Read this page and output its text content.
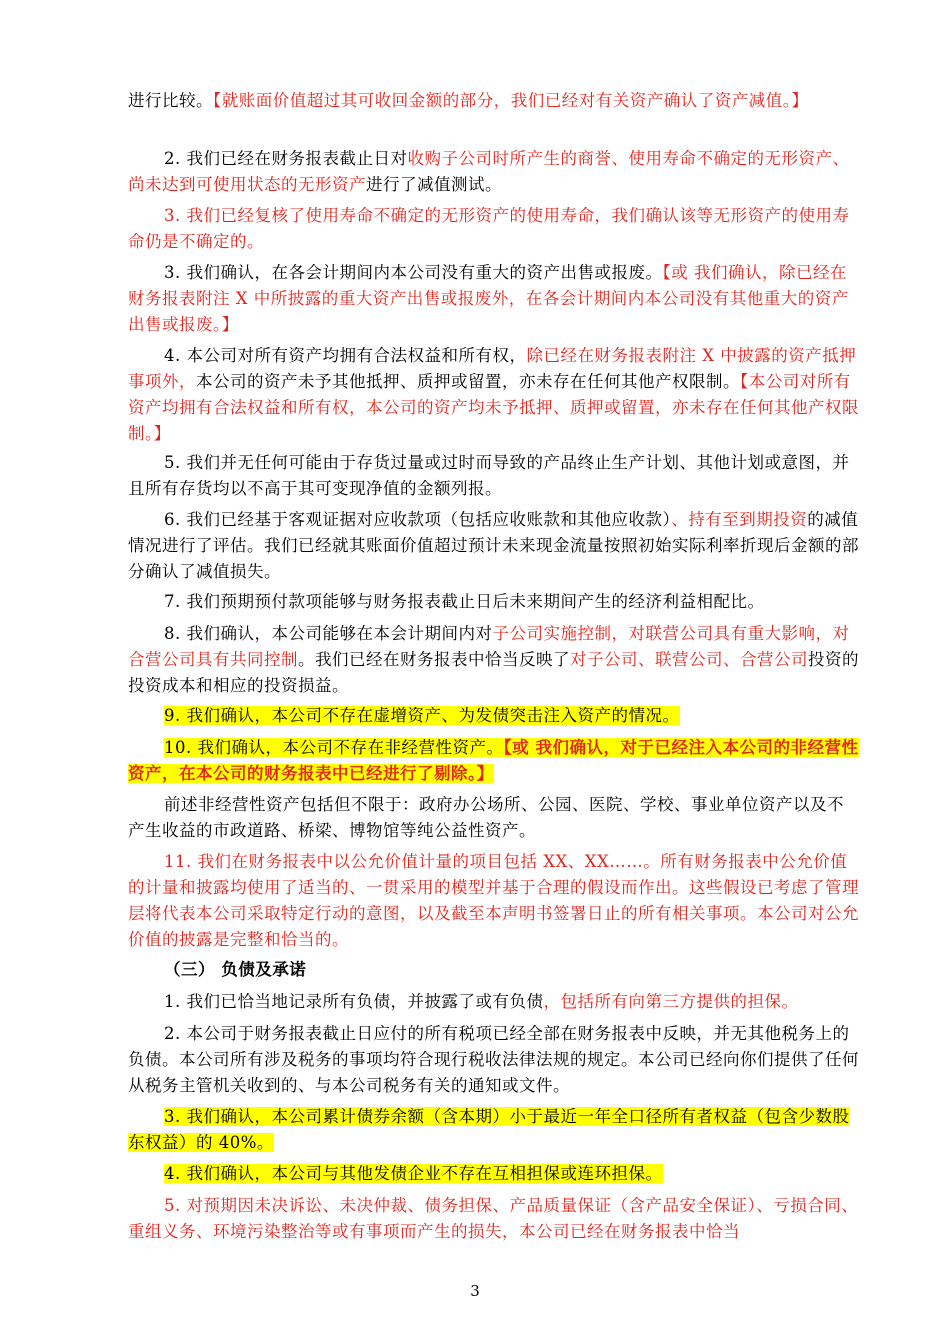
进行比较。【就账面价值超过其可收回金额的部分，我们已经对有关资产确认了资产减值。】
2. 我们已经在财务报表截止日对收购子公司时所产生的商誉、使用寿命不确定的无形资产、尚未达到可使用状态的无形资产进行了减值测试。
3. 我们已经复核了使用寿命不确定的无形资产的使用寿命，我们确认该等无形资产的使用寿命仍是不确定的。
3. 我们确认，在各会计期间内本公司没有重大的资产出售或报废。【或 我们确认，除已经在财务报表附注 X 中所披露的重大资产出售或报废外，在各会计期间内本公司没有其他重大的资产出售或报废。】
4. 本公司对所有资产均拥有合法权益和所有权，除已经在财务报表附注 X 中披露的资产抵押事项外，本公司的资产未予其他抵押、质押或留置，亦未存在任何其他产权限制。【本公司对所有资产均拥有合法权益和所有权，本公司的资产均未予抵押、质押或留置，亦未存在任何其他产权限制。】
5. 我们并无任何可能由于存货过量或过时而导致的产品终止生产计划、其他计划或意图，并且所有存货均以不高于其可变现净值的金额列报。
6. 我们已经基于客观证据对应收款项（包括应收账款和其他应收款）、持有至到期投资的减值情况进行了评估。我们已经就其账面价值超过预计未来现金流量按照初始实际利率折现后金额的部分确认了减值损失。
7. 我们预期预付款项能够与财务报表截止日后未来期间产生的经济利益相配比。
8. 我们确认，本公司能够在本会计期间内对子公司实施控制，对联营公司具有重大影响，对合营公司具有共同控制。我们已经在财务报表中恰当反映了对子公司、联营公司、合营公司投资的投资成本和相应的投资损益。
9. 我们确认，本公司不存在虚增资产、为发债突击注入资产的情况。
10. 我们确认，本公司不存在非经营性资产。【或 我们确认，对于已经注入本公司的非经营性资产，在本公司的财务报表中已经进行了剔除。】
前述非经营性资产包括但不限于：政府办公场所、公园、医院、学校、事业单位资产以及不产生收益的市政道路、桥梁、博物馆等纯公益性资产。
11. 我们在财务报表中以公允价值计量的项目包括 XX、XX……。所有财务报表中公允价值的计量和披露均使用了适当的、一贯采用的模型并基于合理的假设而作出。这些假设已考虑了管理层将代表本公司采取特定行动的意图，以及截至本声明书签署日止的所有相关事项。本公司对公允价值的披露是完整和恰当的。
（三） 负债及承诺
1. 我们已恰当地记录所有负债，并披露了或有负债，包括所有向第三方提供的担保。
2. 本公司于财务报表截止日应付的所有税项已经全部在财务报表中反映，并无其他税务上的负债。本公司所有涉及税务的事项均符合现行税收法律法规的规定。本公司已经向你们提供了任何从税务主管机关收到的、与本公司税务有关的通知或文件。
3. 我们确认，本公司累计债券余额（含本期）小于最近一年全口径所有者权益（包含少数股东权益）的 40%。
4. 我们确认，本公司与其他发债企业不存在互相担保或连环担保。
5. 对预期因未决诉讼、未决仲裁、债务担保、产品质量保证（含产品安全保证）、亏损合同、重组义务、环境污染整治等或有事项而产生的损失，本公司已经在财务报表中恰当
3
